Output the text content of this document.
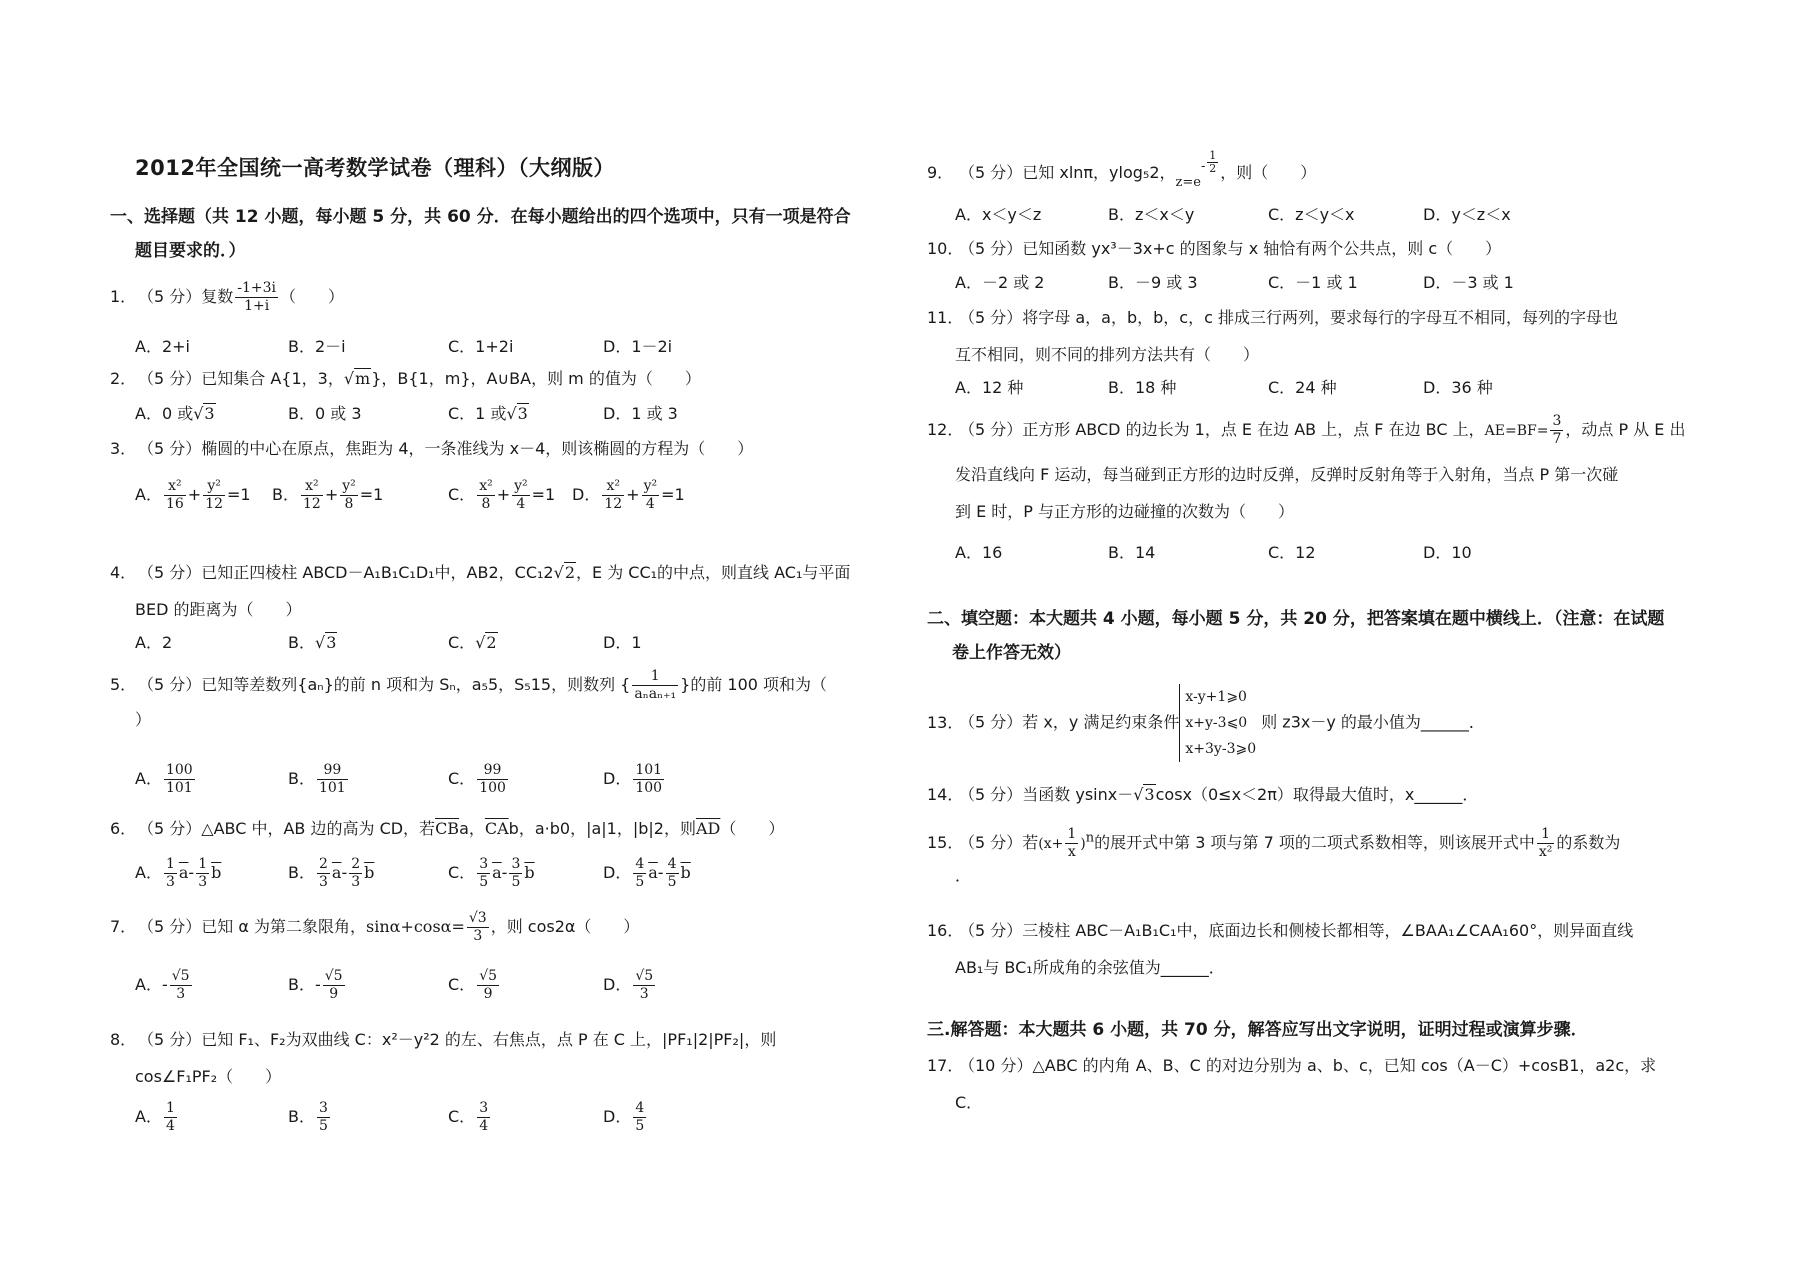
2012年全国统一高考数学试卷（理科）（大纲版）
一、选择题（共 12 小题，每小题 5 分，共 60 分．在每小题给出的四个选项中，只有一项是符合
题目要求的．）
1． （5 分）复数 $\frac{-1+3i}{1+i}$ （　　）
A．2+i	B．2－i	C．1+2i	D．1－2i
2． （5 分）已知集合 A{1，3，√m}，B{1，m}，A∪BA，则 m 的值为（　　）
A．0 或√3	B．0 或 3	C．1 或√3	D．1 或 3
3． （5 分）椭圆的中心在原点，焦距为 4，一条准线为 x－4，则该椭圆的方程为（　　）
A． $\frac{\text{x²}}{16} + \frac{\text{y²}}{12} =1$ B． $\frac{\text{x²}}{12} + \frac{\text{y²}}{8} =1$	C． $\frac{\text{x²}}{8} + \frac{\text{y²}}{4} =1$ D． $\frac{\text{x²}}{12} + \frac{\text{y²}}{4} =1$
4． （5 分）已知正四棱柱 ABCD－A₁B₁C₁D₁中，AB2，CC₁2√2，E 为 CC₁的中点，则直线 AC₁与平面
BED 的距离为（　　）
A．2	B．√3	C．√2	D．1
5． （5 分）已知等差数列{aₙ}的前 n 项和为 Sₙ，a₅5，S₅15，则数列 { $\frac{1}{\text{aₙaₙ₊₁}}$ }的前 100 项和为（
）
A． $\frac{100}{101}$	B． $\frac{99}{101}$	C． $\frac{99}{100}$	D． $\frac{101}{100}$
6． （5 分）△ABC 中，AB 边的高为 CD，若$\overline{CB}a$，$\overline{CA}b$，a·b0，|a|1，|b|2，则$\overline{AD}$（　　）
A． $\frac{1}{3} \overline{a}- \frac{1}{3} \overline{b}$	B． $\frac{2}{3} \overline{a}- \frac{2}{3} \overline{b}$	C． $\frac{3}{5} \overline{a}- \frac{3}{5} \overline{b}$	D． $\frac{4}{5} \overline{a}- \frac{4}{5} \overline{b}$
7． （5 分）已知 α 为第二象限角，$\sin\alpha+\cos\alpha= \frac{√3}{3}$ ，则 cos2α（　　）
A．- $\frac{√5}{3}$	B．- $\frac{√5}{9}$	C． $\frac{√5}{9}$	D． $\frac{√5}{3}$
8． （5 分）已知 F₁、F₂为双曲线 C：x²－y²2 的左、右焦点，点 P 在 C 上，|PF₁|2|PF₂|，则
cos∠F₁PF₂（　　）
A． $\frac{1}{4}$	B． $\frac{3}{5}$	C． $\frac{3}{4}$	D． $\frac{4}{5}$
9． （5 分）已知 xlnπ，ylog₅2，$_{z=e}^- \frac{1}{2}$ ，则（　　）
A．x＜y＜z	B．z＜x＜y	C．z＜y＜x	D．y＜z＜x
10．（5 分）已知函数 yx³－3x+c 的图象与 x 轴恰有两个公共点，则 c（　　）
A．－2 或 2	B．－9 或 3	C．－1 或 1	D．－3 或 1
11．（5 分）将字母 a，a，b，b，c，c 排成三行两列，要求每行的字母互不相同，每列的字母也
互不相同，则不同的排列方法共有（　　）
A．12 种	B．18 种	C．24 种	D．36 种
12．（5 分）正方形 ABCD 的边长为 1，点 E 在边 AB 上，点 F 在边 BC 上，$AE=BF= \frac{3}{7}$ ，动点 P 从 E 出
发沿直线向 F 运动，每当碰到正方形的边时反弹，反弹时反射角等于入射角，当点 P 第一次碰
到 E 时，P 与正方形的边碰撞的次数为（　　）
A．16	B．14	C．12	D．10
二、填空题：本大题共 4 小题，每小题 5 分，共 20 分，把答案填在题中横线上．（注意：在试题
卷上作答无效）
13．（5 分）若 x，y 满足约束条件
x-y+1⩾0
x+y-3⩽0
x+3y-3⩾0
则 z3x－y 的最小值为______．
14．（5 分）当函数 ysinx－√3cosx（0≤x＜2π）取得最大值时，x______．
15．（5 分）若$(x+ \frac{1}{x} )^n$的展开式中第 3 项与第 7 项的二项式系数相等，则该展开式中 $\frac{1}{\text{x²}}$ 的系数为
．
16．（5 分）三棱柱 ABC－A₁B₁C₁中，底面边长和侧棱长都相等，∠BAA₁∠CAA₁60°，则异面直线
AB₁与 BC₁所成角的余弦值为______．
三.解答题：本大题共 6 小题，共 70 分，解答应写出文字说明，证明过程或演算步骤．
17．（10 分）△ABC 的内角 A、B、C 的对边分别为 a、b、c，已知 cos（A－C）+cosB1，a2c，求
C．
